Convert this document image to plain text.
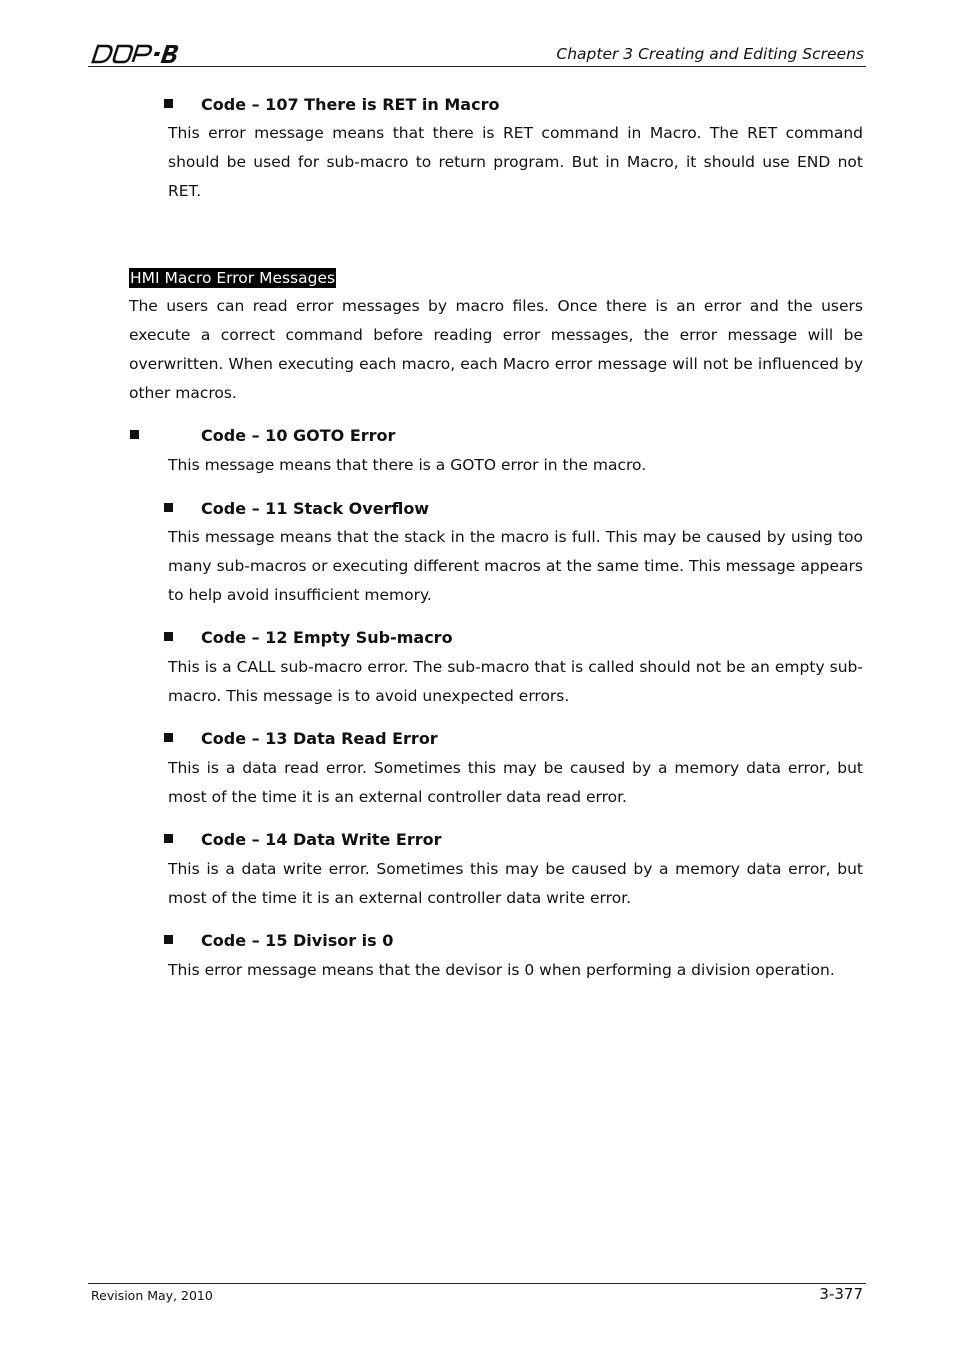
Chapter 3 Creating and Editing Screens
Code – 107 There is RET in Macro
This error message means that there is RET command in Macro. The RET command should be used for sub-macro to return program. But in Macro, it should use END not RET.
HMI Macro Error Messages
The users can read error messages by macro files. Once there is an error and the users execute a correct command before reading error messages, the error message will be overwritten. When executing each macro, each Macro error message will not be influenced by other macros.
Code – 10 GOTO Error
This message means that there is a GOTO error in the macro.
Code – 11 Stack Overflow
This message means that the stack in the macro is full. This may be caused by using too many sub-macros or executing different macros at the same time. This message appears to help avoid insufficient memory.
Code – 12 Empty Sub-macro
This is a CALL sub-macro error. The sub-macro that is called should not be an empty sub-macro. This message is to avoid unexpected errors.
Code – 13 Data Read Error
This is a data read error. Sometimes this may be caused by a memory data error, but most of the time it is an external controller data read error.
Code – 14 Data Write Error
This is a data write error. Sometimes this may be caused by a memory data error, but most of the time it is an external controller data write error.
Code – 15 Divisor is 0
This error message means that the devisor is 0 when performing a division operation.
Revision May, 2010	3-377
